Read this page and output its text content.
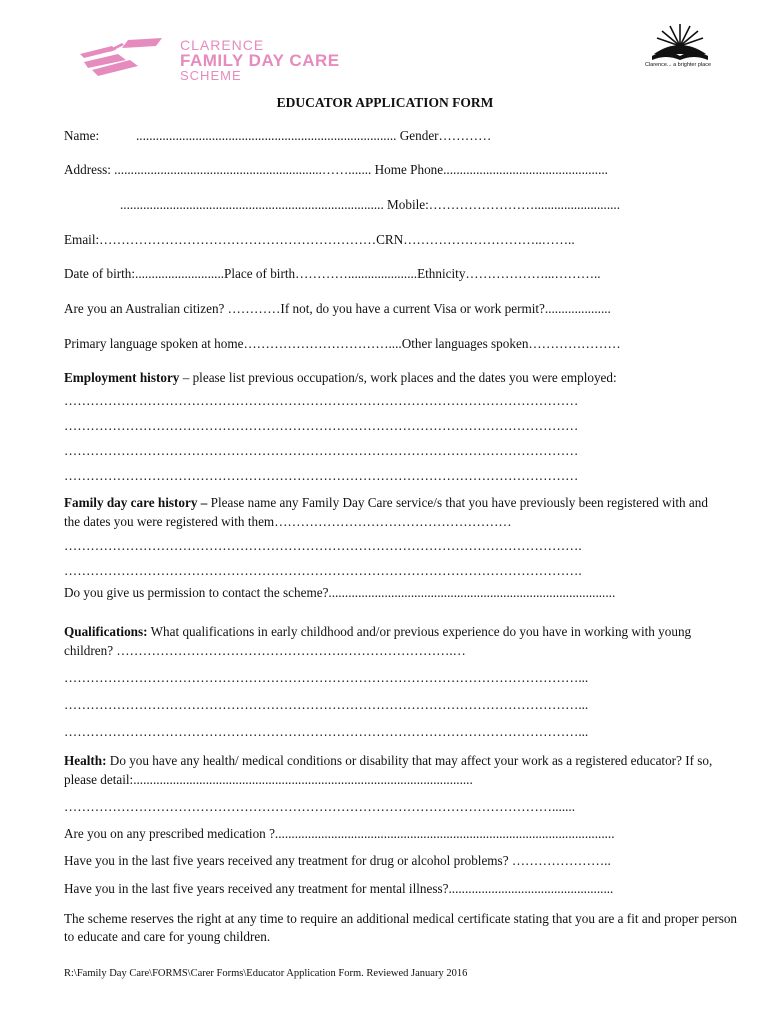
CLARENCE
FAMILY DAY CARE
SCHEME
Clarence... a brighter place
EDUCATOR APPLICATION FORM
Name:	............................................................................... Gender…………
Address: ...............................................................……....... Home Phone..................................................
................................................................................ Mobile:……………………..........................
Email:………………………………………………………CRN…………………………..……..
Date of birth:...........................Place of birth………….....................Ethnicity………………...………..
Are you an Australian citizen? …………If not, do you have a current Visa or work permit?....................
Primary language spoken at home……………………………....Other languages spoken…………………
Employment history – please list previous occupation/s, work places and the dates you were employed:
………………………………………………………………………………………………………
………………………………………………………………………………………………………
………………………………………………………………………………………………………
………………………………………………………………………………………………………
Family day care history – Please name any Family Day Care service/s that you have previously been registered with and the dates you were registered with them………………………………………………
……………………………………………………………………………………………………….
……………………………………………………………………………………………………….
Do you give us permission to contact the scheme?.......................................................................................
Qualifications: What qualifications in early childhood and/or previous experience do you have in working with young children? …………………………………………….…………………….…
………………………………………………………………………………………………………...
………………………………………………………………………………………………………...
………………………………………………………………………………………………………...
Health: Do you have any health/ medical conditions or disability that may affect your work as a registered educator? If so, please detail:.......................................................................................................
………………………………………………………………………………………………….......
Are you on any prescribed medication ?.......................................................................................................
Have you in the last five years received any treatment for drug or alcohol problems? …………………..
Have you in the last five years received any treatment for mental illness?..................................................
The scheme reserves the right at any time to require an additional medical certificate stating that you are a fit and proper person to educate and care for young children.
R:\Family Day Care\FORMS\Carer Forms\Educator Application Form. Reviewed January 2016
